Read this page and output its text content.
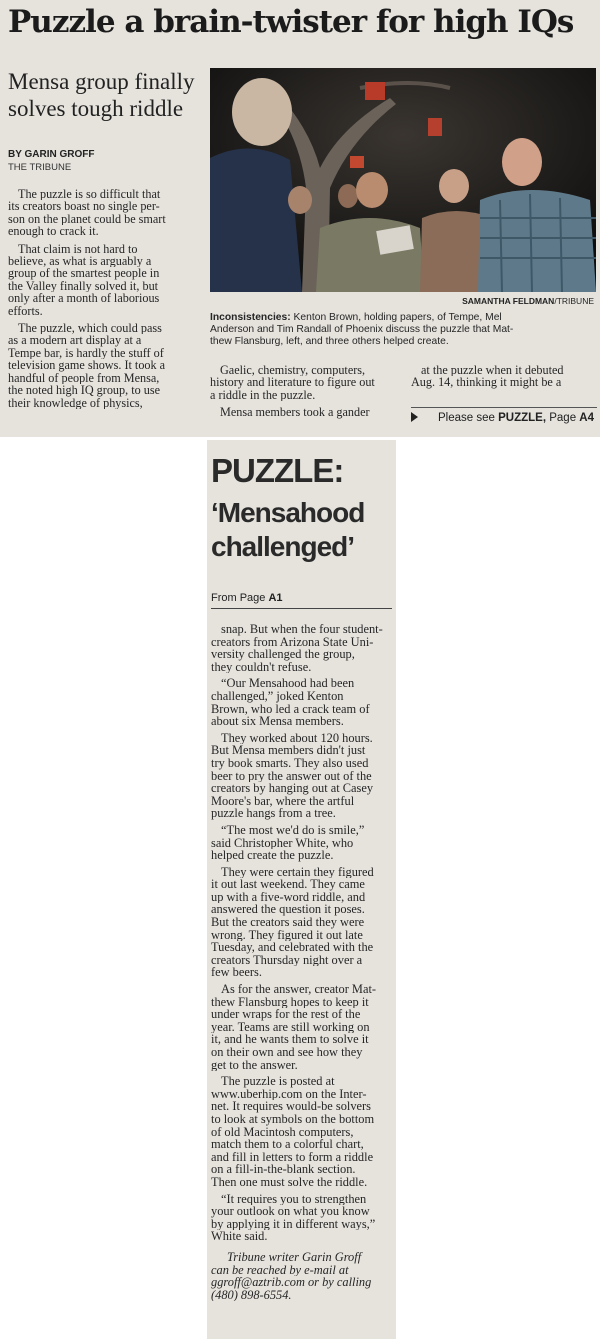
Puzzle a brain-twister for high IQs
Mensa group finally
solves tough riddle
BY GARIN GROFF
THE TRIBUNE
The puzzle is so difficult that
its creators boast no single per-
son on the planet could be smart
enough to crack it.
That claim is not hard to
believe, as what is arguably a
group of the smartest people in
the Valley finally solved it, but
only after a month of laborious
efforts.
The puzzle, which could pass
as a modern art display at a
Tempe bar, is hardly the stuff of
television game shows. It took a
handful of people from Mensa,
the noted high IQ group, to use
their knowledge of physics,
SAMANTHA FELDMAN/TRIBUNE
Inconsistencies: Kenton Brown, holding papers, of Tempe, Mel
Anderson and Tim Randall of Phoenix discuss the puzzle that Mat-
thew Flansburg, left, and three others helped create.
Gaelic, chemistry, computers,
history and literature to figure out
a riddle in the puzzle.
Mensa members took a gander
at the puzzle when it debuted
Aug. 14, thinking it might be a
Please see PUZZLE, Page A4
PUZZLE:
‘Mensahood
challenged’
From Page A1
snap. But when the four student-
creators from Arizona State Uni-
versity challenged the group,
they couldn't refuse.
“Our Mensahood had been
challenged,” joked Kenton
Brown, who led a crack team of
about six Mensa members.
They worked about 120 hours.
But Mensa members didn't just
try book smarts. They also used
beer to pry the answer out of the
creators by hanging out at Casey
Moore's bar, where the artful
puzzle hangs from a tree.
“The most we'd do is smile,”
said Christopher White, who
helped create the puzzle.
They were certain they figured
it out last weekend. They came
up with a five-word riddle, and
answered the question it poses.
But the creators said they were
wrong. They figured it out late
Tuesday, and celebrated with the
creators Thursday night over a
few beers.
As for the answer, creator Mat-
thew Flansburg hopes to keep it
under wraps for the rest of the
year. Teams are still working on
it, and he wants them to solve it
on their own and see how they
get to the answer.
The puzzle is posted at
www.uberhip.com on the Inter-
net. It requires would-be solvers
to look at symbols on the bottom
of old Macintosh computers,
match them to a colorful chart,
and fill in letters to form a riddle
on a fill-in-the-blank section.
Then one must solve the riddle.
“It requires you to strengthen
your outlook on what you know
by applying it in different ways,”
White said.
Tribune writer Garin Groff
can be reached by e-mail at
ggroff@aztrib.com or by calling
(480) 898-6554.
